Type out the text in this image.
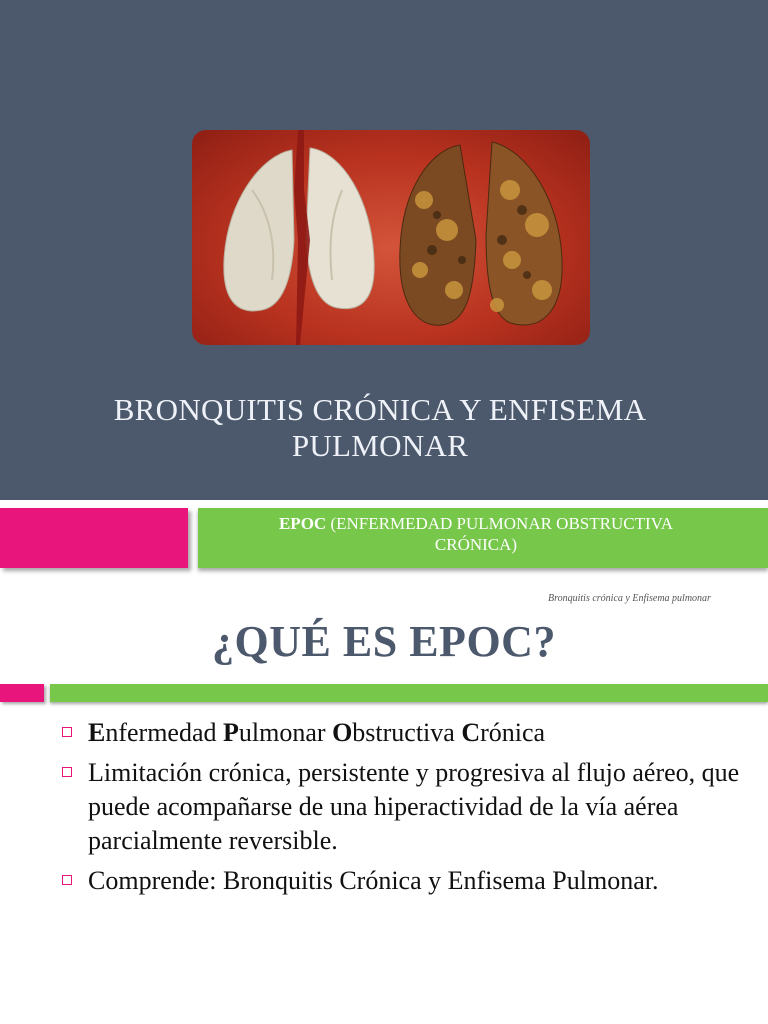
BRONQUITIS CRÓNICA Y ENFISEMA
PULMONAR
EPOC (ENFERMEDAD PULMONAR OBSTRUCTIVA
CRÓNICA)
Bronquitis crónica y Enfisema pulmonar
¿QUÉ ES EPOC?
Enfermedad Pulmonar Obstructiva Crónica
Limitación crónica, persistente y progresiva al flujo aéreo, que puede acompañarse de una hiperactividad de la vía aérea parcialmente reversible.
Comprende: Bronquitis Crónica y Enfisema Pulmonar.
